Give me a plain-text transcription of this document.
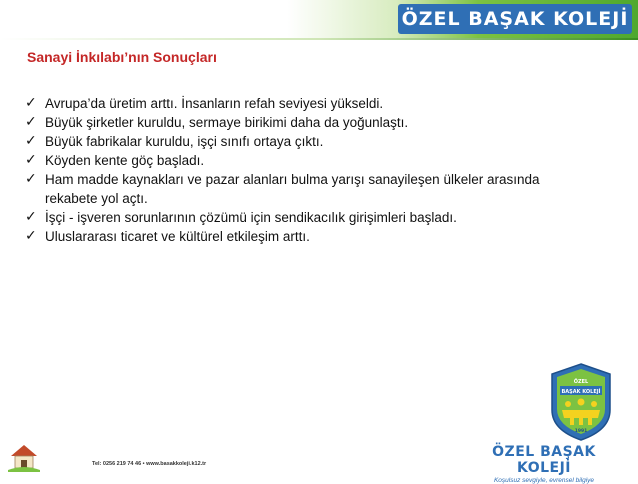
ÖZEL BAŞAK KOLEJİ
Sanayi İnkılabı’nın Sonuçları
✓ Avrupa’da üretim arttı. İnsanların refah seviyesi yükseldi.
✓ Büyük şirketler kuruldu, sermaye birikimi daha da yoğunlaştı.
✓ Büyük fabrikalar kuruldu, işçi sınıfı ortaya çıktı.
✓ Köyden kente göç başladı.
✓ Ham madde kaynakları ve pazar alanları bulma yarışı sanayileşen ülkeler arasında rekabete yol açtı.
✓ İşçi - işveren sorunlarının çözümü için sendikacılık girişimleri başladı.
✓ Uluslararası ticaret ve kültürel etkileşim arttı.
ÖZEL
BAŞAK KOLEJİ
1991
ÖZEL BAŞAK KOLEJİ
Koşulsuz sevgiyle, evrensel bilgiye
Tel: 0256 219 74 46 • www.basakkoleji.k12.tr
